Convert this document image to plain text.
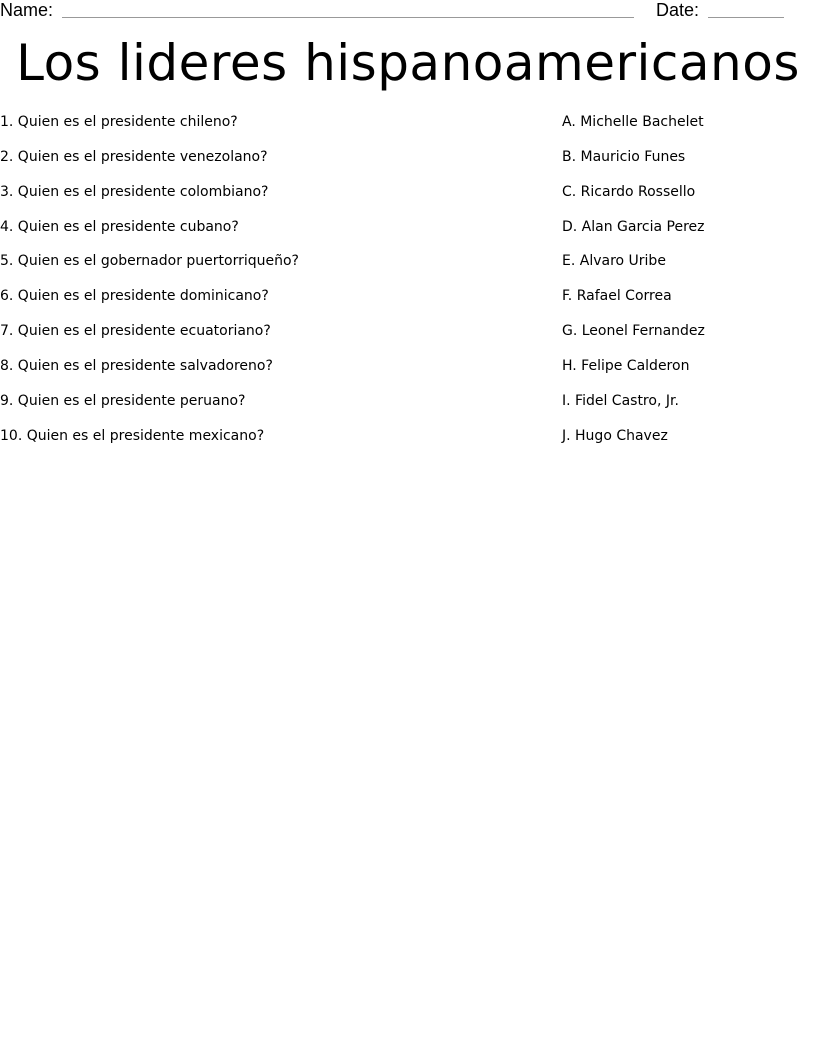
Name:	Date:
Los lideres hispanoamericanos
1. Quien es el presidente chileno?
2. Quien es el presidente venezolano?
3. Quien es el presidente colombiano?
4. Quien es el presidente cubano?
5. Quien es el gobernador puertorriqueño?
6. Quien es el presidente dominicano?
7. Quien es el presidente ecuatoriano?
8. Quien es el presidente salvadoreno?
9. Quien es el presidente peruano?
10. Quien es el presidente mexicano?
A. Michelle Bachelet
B. Mauricio Funes
C. Ricardo Rossello
D. Alan Garcia Perez
E. Alvaro Uribe
F. Rafael Correa
G. Leonel Fernandez
H. Felipe Calderon
I. Fidel Castro, Jr.
J. Hugo Chavez
